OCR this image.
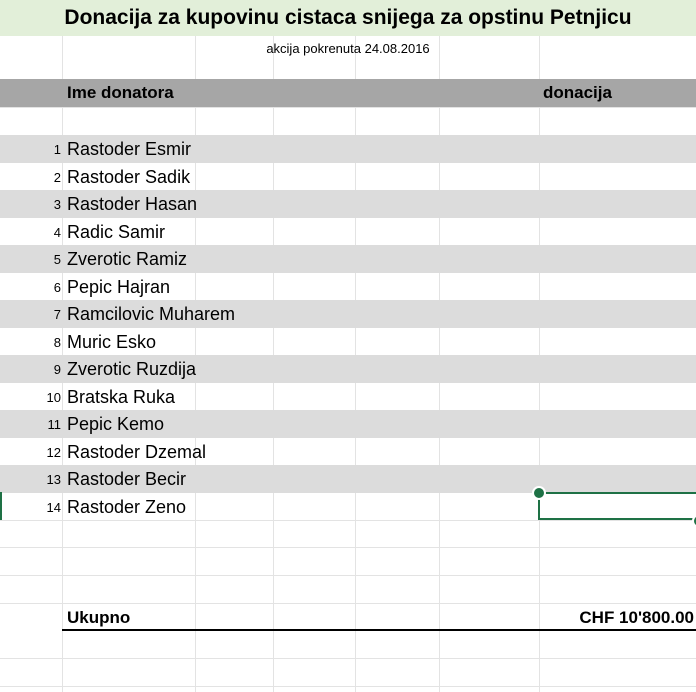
Donacija za kupovinu cistaca snijega za opstinu Petnjicu
akcija pokrenuta 24.08.2016
Ime donatora	donacija
1 Rastoder Esmir
2 Rastoder Sadik
3 Rastoder Hasan
4 Radic Samir
5 Zverotic Ramiz
6 Pepic Hajran
7 Ramcilovic Muharem
8 Muric Esko
9 Zverotic Ruzdija
10 Bratska Ruka
11 Pepic Kemo
12 Rastoder Dzemal
13 Rastoder Becir
14 Rastoder Zeno
Ukupno	CHF 10'800.00
